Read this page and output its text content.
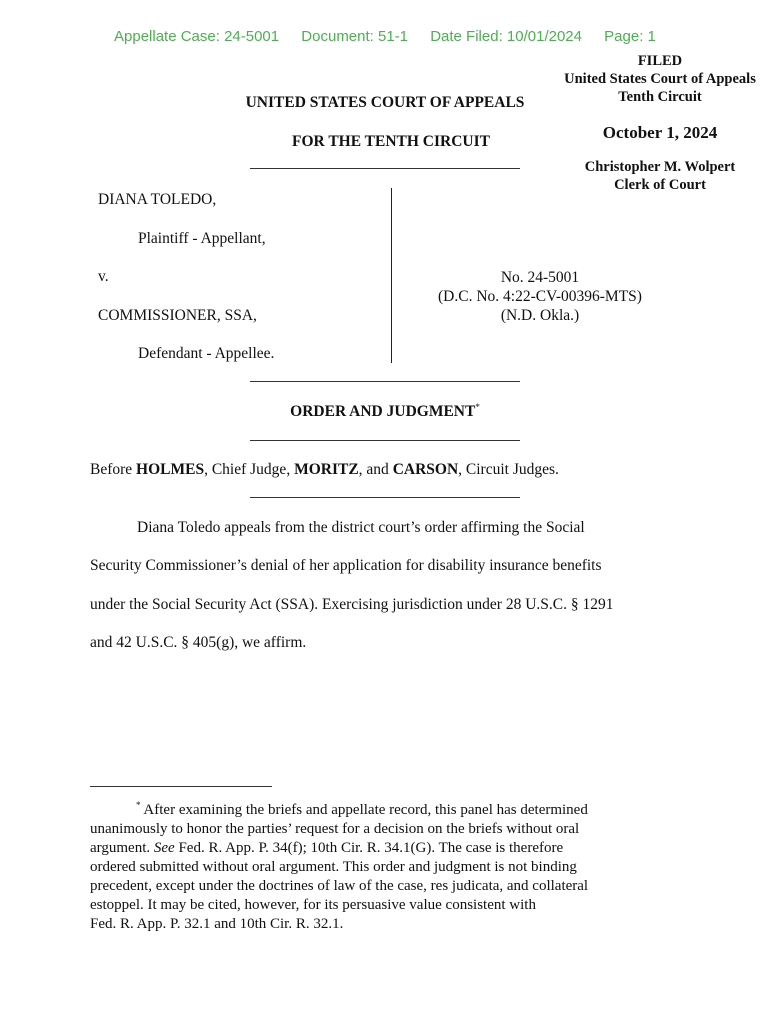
Appellate Case: 24-5001 Document: 51-1 Date Filed: 10/01/2024 Page: 1
FILED
United States Court of Appeals
Tenth Circuit
October 1, 2024
Christopher M. Wolpert
Clerk of Court
UNITED STATES COURT OF APPEALS
FOR THE TENTH CIRCUIT
DIANA TOLEDO,
Plaintiff - Appellant,
v.
COMMISSIONER, SSA,
Defendant - Appellee.
No. 24-5001
(D.C. No. 4:22-CV-00396-MTS)
(N.D. Okla.)
ORDER AND JUDGMENT*
Before HOLMES, Chief Judge, MORITZ, and CARSON, Circuit Judges.
Diana Toledo appeals from the district court’s order affirming the Social
Security Commissioner’s denial of her application for disability insurance benefits
under the Social Security Act (SSA). Exercising jurisdiction under 28 U.S.C. § 1291
and 42 U.S.C. § 405(g), we affirm.

* After examining the briefs and appellate record, this panel has determined

unanimously to honor the parties’ request for a decision on the briefs without oral

argument. See Fed. R. App. P. 34(f); 10th Cir. R. 34.1(G). The case is therefore

ordered submitted without oral argument. This order and judgment is not binding

precedent, except under the doctrines of law of the case, res judicata, and collateral

estoppel. It may be cited, however, for its persuasive value consistent with

Fed. R. App. P. 32.1 and 10th Cir. R. 32.1.
